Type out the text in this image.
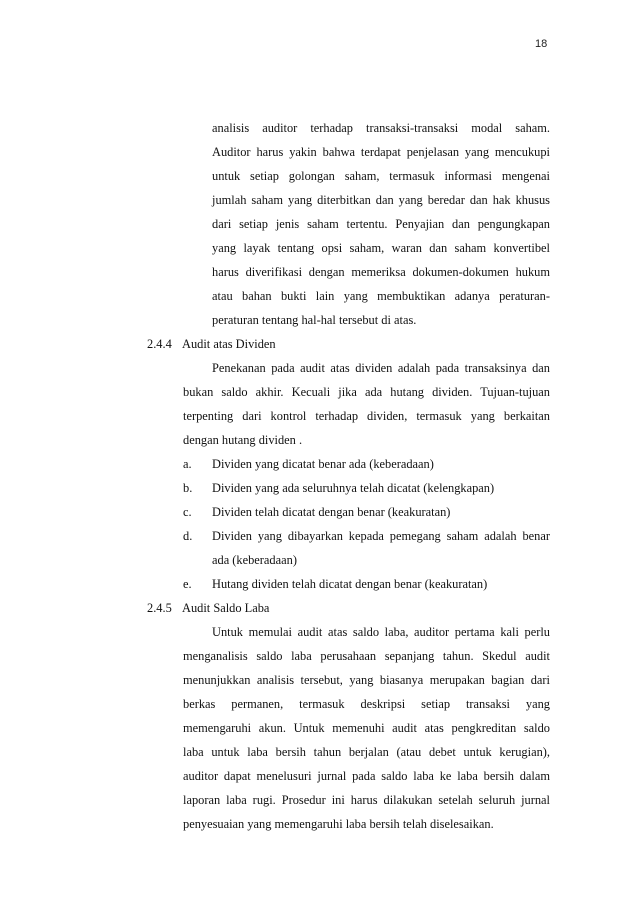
18
analisis auditor terhadap transaksi-transaksi modal saham.
Auditor harus yakin bahwa terdapat penjelasan yang mencukupi
untuk setiap golongan saham, termasuk informasi mengenai
jumlah saham yang diterbitkan dan yang beredar dan hak khusus
dari setiap jenis saham tertentu. Penyajian dan pengungkapan
yang layak tentang opsi saham, waran dan saham konvertibel
harus diverifikasi dengan memeriksa dokumen-dokumen hukum
atau bahan bukti lain yang membuktikan adanya peraturan-
peraturan tentang hal-hal tersebut di atas.
2.4.4 Audit atas Dividen
Penekanan pada audit atas dividen adalah pada transaksinya dan
bukan saldo akhir. Kecuali jika ada hutang dividen. Tujuan-tujuan
terpenting dari kontrol terhadap dividen, termasuk yang berkaitan
dengan hutang dividen .
a. Dividen yang dicatat benar ada (keberadaan)
b. Dividen yang ada seluruhnya telah dicatat (kelengkapan)
c. Dividen telah dicatat dengan benar (keakuratan)
d. Dividen yang dibayarkan kepada pemegang saham adalah benar
ada (keberadaan)
e. Hutang dividen telah dicatat dengan benar (keakuratan)
2.4.5 Audit Saldo Laba
Untuk memulai audit atas saldo laba, auditor pertama kali perlu
menganalisis saldo laba perusahaan sepanjang tahun. Skedul audit
menunjukkan analisis tersebut, yang biasanya merupakan bagian dari
berkas permanen, termasuk deskripsi setiap transaksi yang
memengaruhi akun. Untuk memenuhi audit atas pengkreditan saldo
laba untuk laba bersih tahun berjalan (atau debet untuk kerugian),
auditor dapat menelusuri jurnal pada saldo laba ke laba bersih dalam
laporan laba rugi. Prosedur ini harus dilakukan setelah seluruh jurnal
penyesuaian yang memengaruhi laba bersih telah diselesaikan.
